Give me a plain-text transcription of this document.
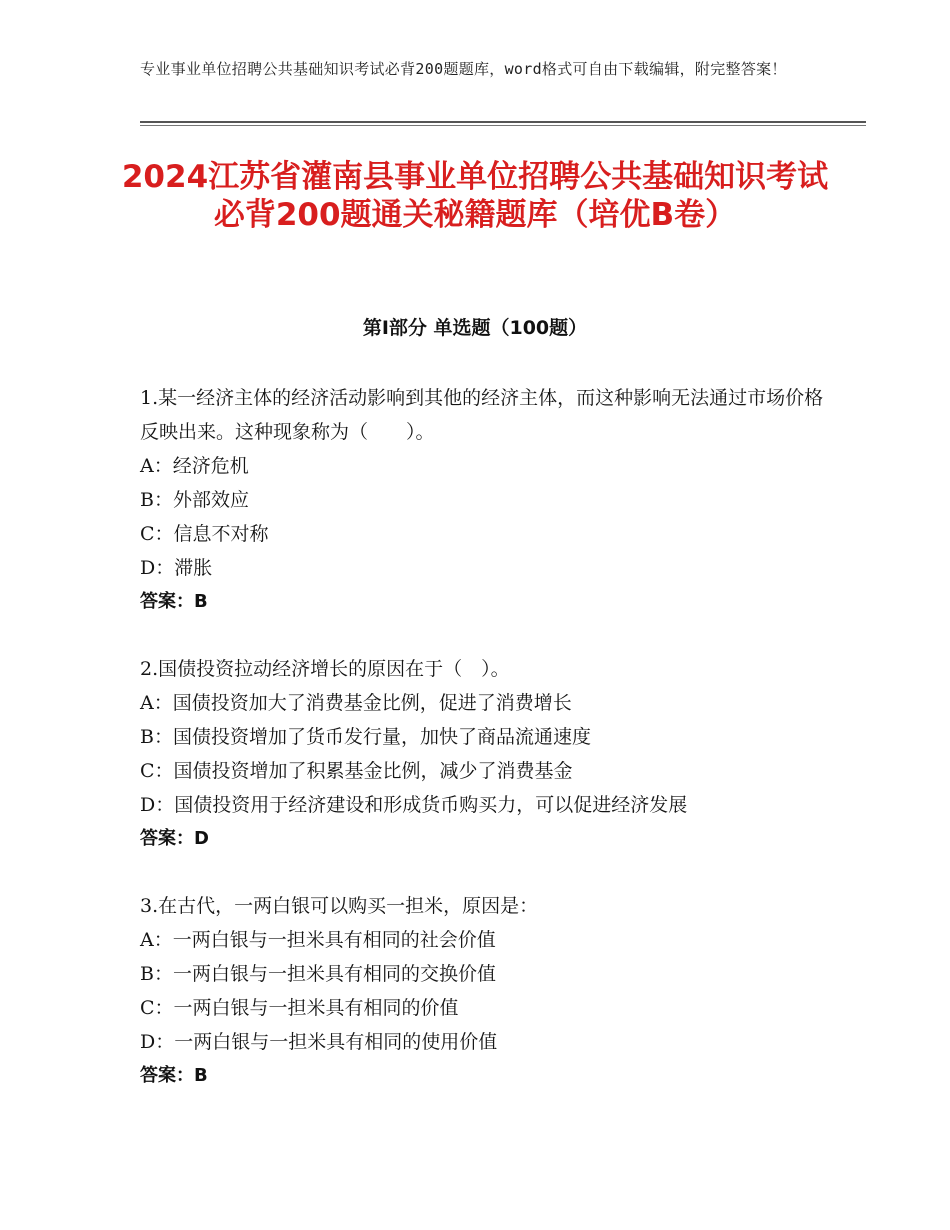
专业事业单位招聘公共基础知识考试必背200题题库，word格式可自由下载编辑，附完整答案！
2024江苏省灌南县事业单位招聘公共基础知识考试必背200题通关秘籍题库（培优B卷）
第Ⅰ部分 单选题（100题）
1.某一经济主体的经济活动影响到其他的经济主体，而这种影响无法通过市场价格反映出来。这种现象称为（　　）。
A：经济危机
B：外部效应
C：信息不对称
D：滞胀
答案：B
2.国债投资拉动经济增长的原因在于（　）。
A：国债投资加大了消费基金比例，促进了消费增长
B：国债投资增加了货币发行量，加快了商品流通速度
C：国债投资增加了积累基金比例，减少了消费基金
D：国债投资用于经济建设和形成货币购买力，可以促进经济发展
答案：D
3.在古代，一两白银可以购买一担米，原因是：
A：一两白银与一担米具有相同的社会价值
B：一两白银与一担米具有相同的交换价值
C：一两白银与一担米具有相同的价值
D：一两白银与一担米具有相同的使用价值
答案：B
